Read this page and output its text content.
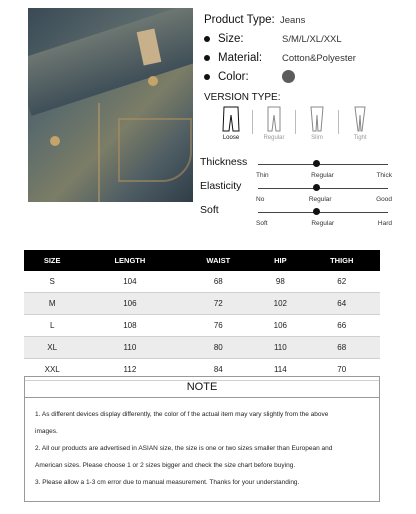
Product Type: Jeans
Size:	S/M/L/XL/XXL
Material:	Cotton&Polyester
Color:
VERSION TYPE:
Loose	Regular	Slim	Tight
Thickness
Thin	Regular	Thick
Elasticity
No	Regular	Good
Soft
Soft	Regular	Hard
SIZE	LENGTH	WAIST	HIP	THIGH
S	104	68	98	62
M	106	72	102	64
L	108	76	106	66
XL	110	80	110	68
XXL	112	84	114	70
NOTE

1. As different devices display differently, the color of f the actual item may vary slightly from the above

images.

2. All our products are advertised in ASIAN size, the size is one or two sizes smaller than European and

American sizes. Please choose 1 or 2 sizes bigger and check the size chart before buying.

3. Please allow a 1-3 cm error due to manual measurement. Thanks for your understanding.
